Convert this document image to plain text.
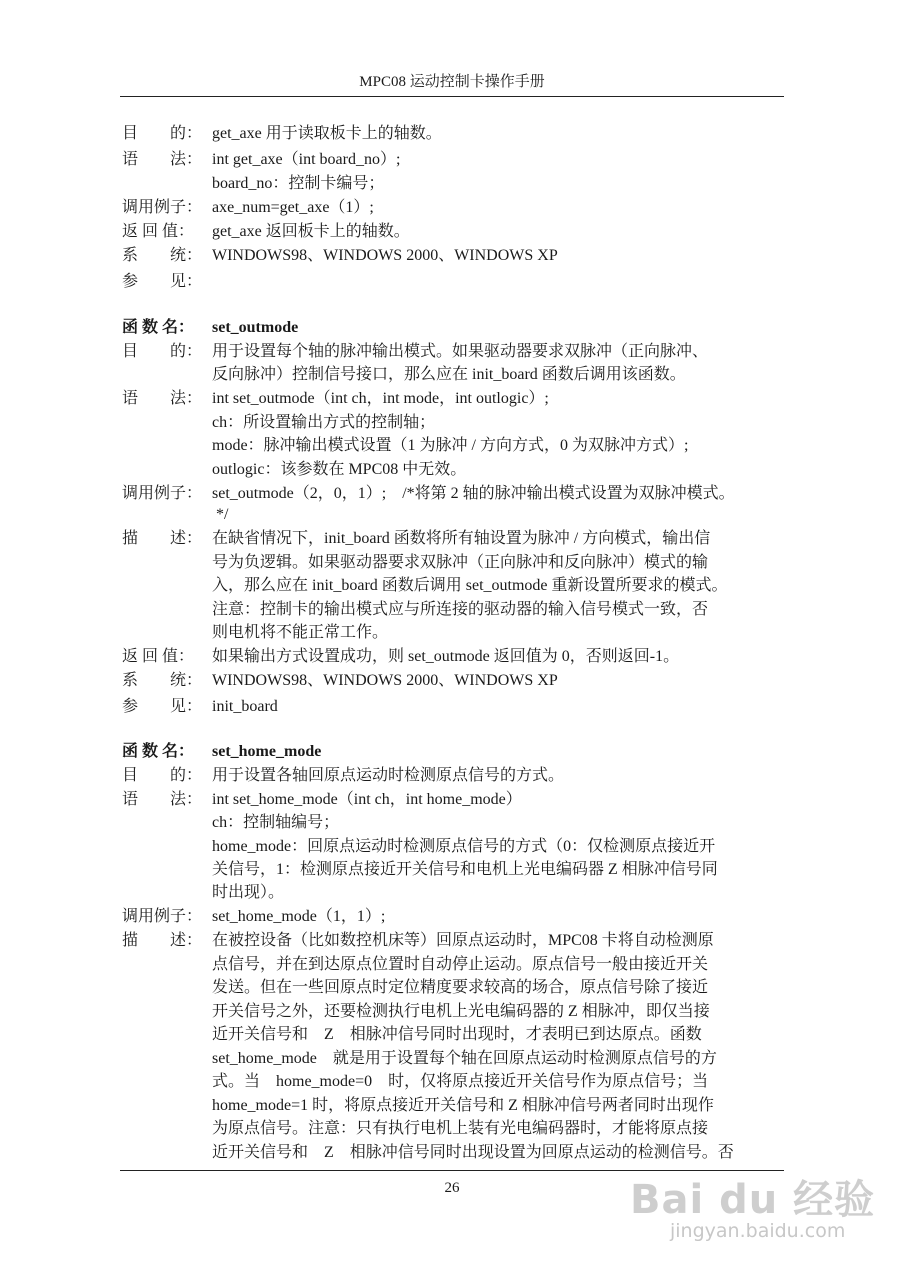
MPC08 运动控制卡操作手册
目　　的： get_axe 用于读取板卡上的轴数。
语　　法： int get_axe（int board_no）;
board_no：控制卡编号；
调用例子： axe_num=get_axe（1）;
返 回 值： get_axe 返回板卡上的轴数。
系　　统： WINDOWS98、WINDOWS 2000、WINDOWS XP
参　　见：
函 数 名： set_outmode
目　　的： 用于设置每个轴的脉冲输出模式。如果驱动器要求双脉冲（正向脉冲、
反向脉冲）控制信号接口，那么应在 init_board 函数后调用该函数。
语　　法： int set_outmode（int ch，int mode，int outlogic）;
ch：所设置输出方式的控制轴；
mode：脉冲输出模式设置（1 为脉冲 / 方向方式，0 为双脉冲方式）;
outlogic：该参数在 MPC08 中无效。
调用例子： set_outmode（2，0，1）;　/*将第 2 轴的脉冲输出模式设置为双脉冲模式。
*/
描　　述： 在缺省情况下，init_board 函数将所有轴设置为脉冲 / 方向模式，输出信
号为负逻辑。如果驱动器要求双脉冲（正向脉冲和反向脉冲）模式的输
入，那么应在 init_board 函数后调用 set_outmode 重新设置所要求的模式。
注意：控制卡的输出模式应与所连接的驱动器的输入信号模式一致，否
则电机将不能正常工作。
返 回 值： 如果输出方式设置成功，则 set_outmode 返回值为 0，否则返回-1。
系　　统： WINDOWS98、WINDOWS 2000、WINDOWS XP
参　　见： init_board
函 数 名： set_home_mode
目　　的： 用于设置各轴回原点运动时检测原点信号的方式。
语　　法： int set_home_mode（int ch，int home_mode）
ch：控制轴编号；
home_mode：回原点运动时检测原点信号的方式（0：仅检测原点接近开
关信号，1：检测原点接近开关信号和电机上光电编码器 Z 相脉冲信号同
时出现）。
调用例子： set_home_mode（1，1）;
描　　述： 在被控设备（比如数控机床等）回原点运动时，MPC08 卡将自动检测原
点信号，并在到达原点位置时自动停止运动。原点信号一般由接近开关
发送。但在一些回原点时定位精度要求较高的场合，原点信号除了接近
开关信号之外，还要检测执行电机上光电编码器的 Z 相脉冲，即仅当接
近开关信号和　Z　相脉冲信号同时出现时，才表明已到达原点。函数
set_home_mode　就是用于设置每个轴在回原点运动时检测原点信号的方
式。当　home_mode=0　时，仅将原点接近开关信号作为原点信号；当
home_mode=1 时，将原点接近开关信号和 Z 相脉冲信号两者同时出现作
为原点信号。注意：只有执行电机上装有光电编码器时，才能将原点接
近开关信号和　Z　相脉冲信号同时出现设置为回原点运动的检测信号。否
26	Bai du 经验
jingyan.baidu.com
